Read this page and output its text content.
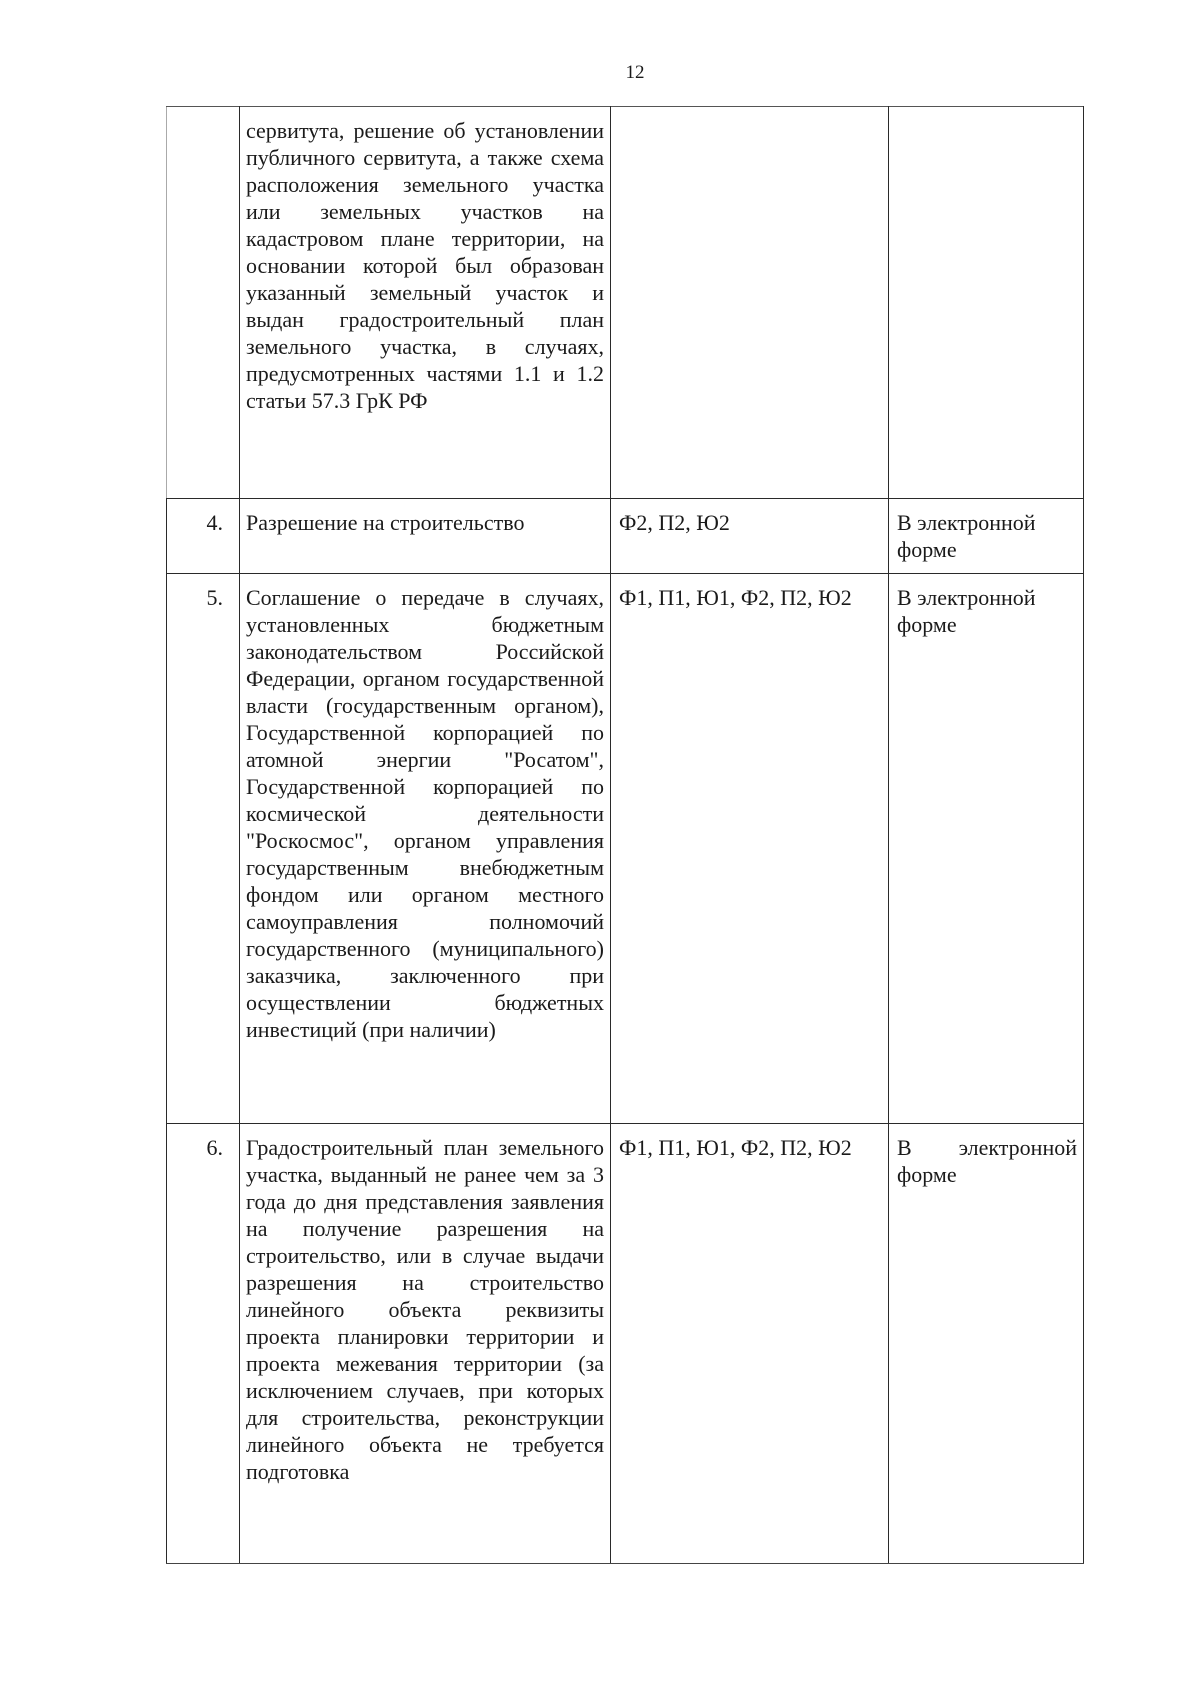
12
	сервитута, решение об установлении публичного сервитута, а также схема расположения земельного участка или земельных участков на кадастровом плане территории, на основании которой был образован указанный земельный участок и выдан градостроительный план земельного участка, в случаях, предусмотренных частями 1.1 и 1.2 статьи 57.3 ГрК РФ		
4.	Разрешение на строительство	Ф2, П2, Ю2	В электронной форме
5.	Соглашение о передаче в случаях, установленных бюджетным законодательством Российской Федерации, органом государственной власти (государственным органом), Государственной корпорацией по атомной энергии "Росатом", Государственной корпорацией по космической деятельности "Роскосмос", органом управления государственным внебюджетным фондом или органом местного самоуправления полномочий государственного (муниципального) заказчика, заключенного при осуществлении бюджетных инвестиций (при наличии)	Ф1, П1, Ю1, Ф2, П2, Ю2	В электронной форме
6.	Градостроительный план земельного участка, выданный не ранее чем за 3 года до дня представления заявления на получение разрешения на строительство, или в случае выдачи разрешения на строительство линейного объекта реквизиты проекта планировки территории и проекта межевания территории (за исключением случаев, при которых для строительства, реконструкции линейного объекта не требуется подготовка	Ф1, П1, Ю1, Ф2, П2, Ю2	В электронной форме
